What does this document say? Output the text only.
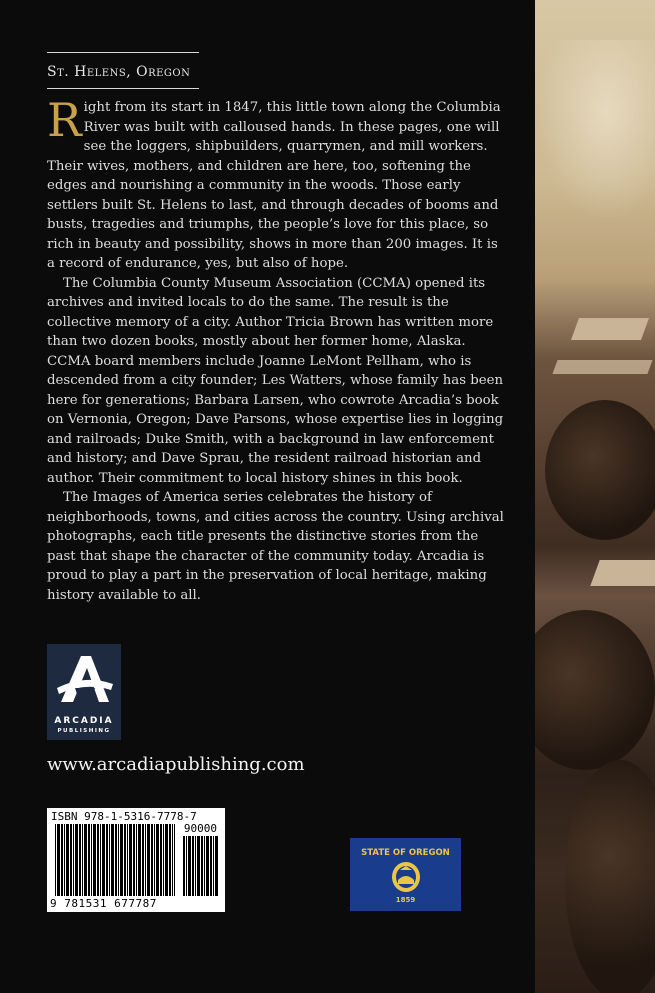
St. Helens, Oregon

Right from its start in 1847, this little town along the Columbia River was built with calloused hands. In these pages, one will see the loggers, shipbuilders, quarrymen, and mill workers. Their wives, mothers, and children are here, too, softening the edges and nourishing a community in the woods. Those early settlers built St. Helens to last, and through decades of booms and busts, tragedies and triumphs, the people’s love for this place, so rich in beauty and possibility, shows in more than 200 images. It is a record of endurance, yes, but also of hope.

The Columbia County Museum Association (CCMA) opened its archives and invited locals to do the same. The result is the collective memory of a city. Author Tricia Brown has written more than two dozen books, mostly about her former home, Alaska. CCMA board members include Joanne LeMont Pellham, who is descended from a city founder; Les Watters, whose family has been here for generations; Barbara Larsen, who cowrote Arcadia’s book on Vernonia, Oregon; Dave Parsons, whose expertise lies in logging and railroads; Duke Smith, with a background in law enforcement and history; and Dave Sprau, the resident railroad historian and author. Their commitment to local history shines in this book.

The Images of America series celebrates the history of neighborhoods, towns, and cities across the country. Using archival photographs, each title presents the distinctive stories from the past that shape the character of the community today. Arcadia is proud to play a part in the preservation of local heritage, making history available to all.

ARCADIA
PUBLISHING
www.arcadiapublishing.com
ISBN 978-1-5316-7778-7
90000
9 781531 677787
STATE OF OREGON
1859
